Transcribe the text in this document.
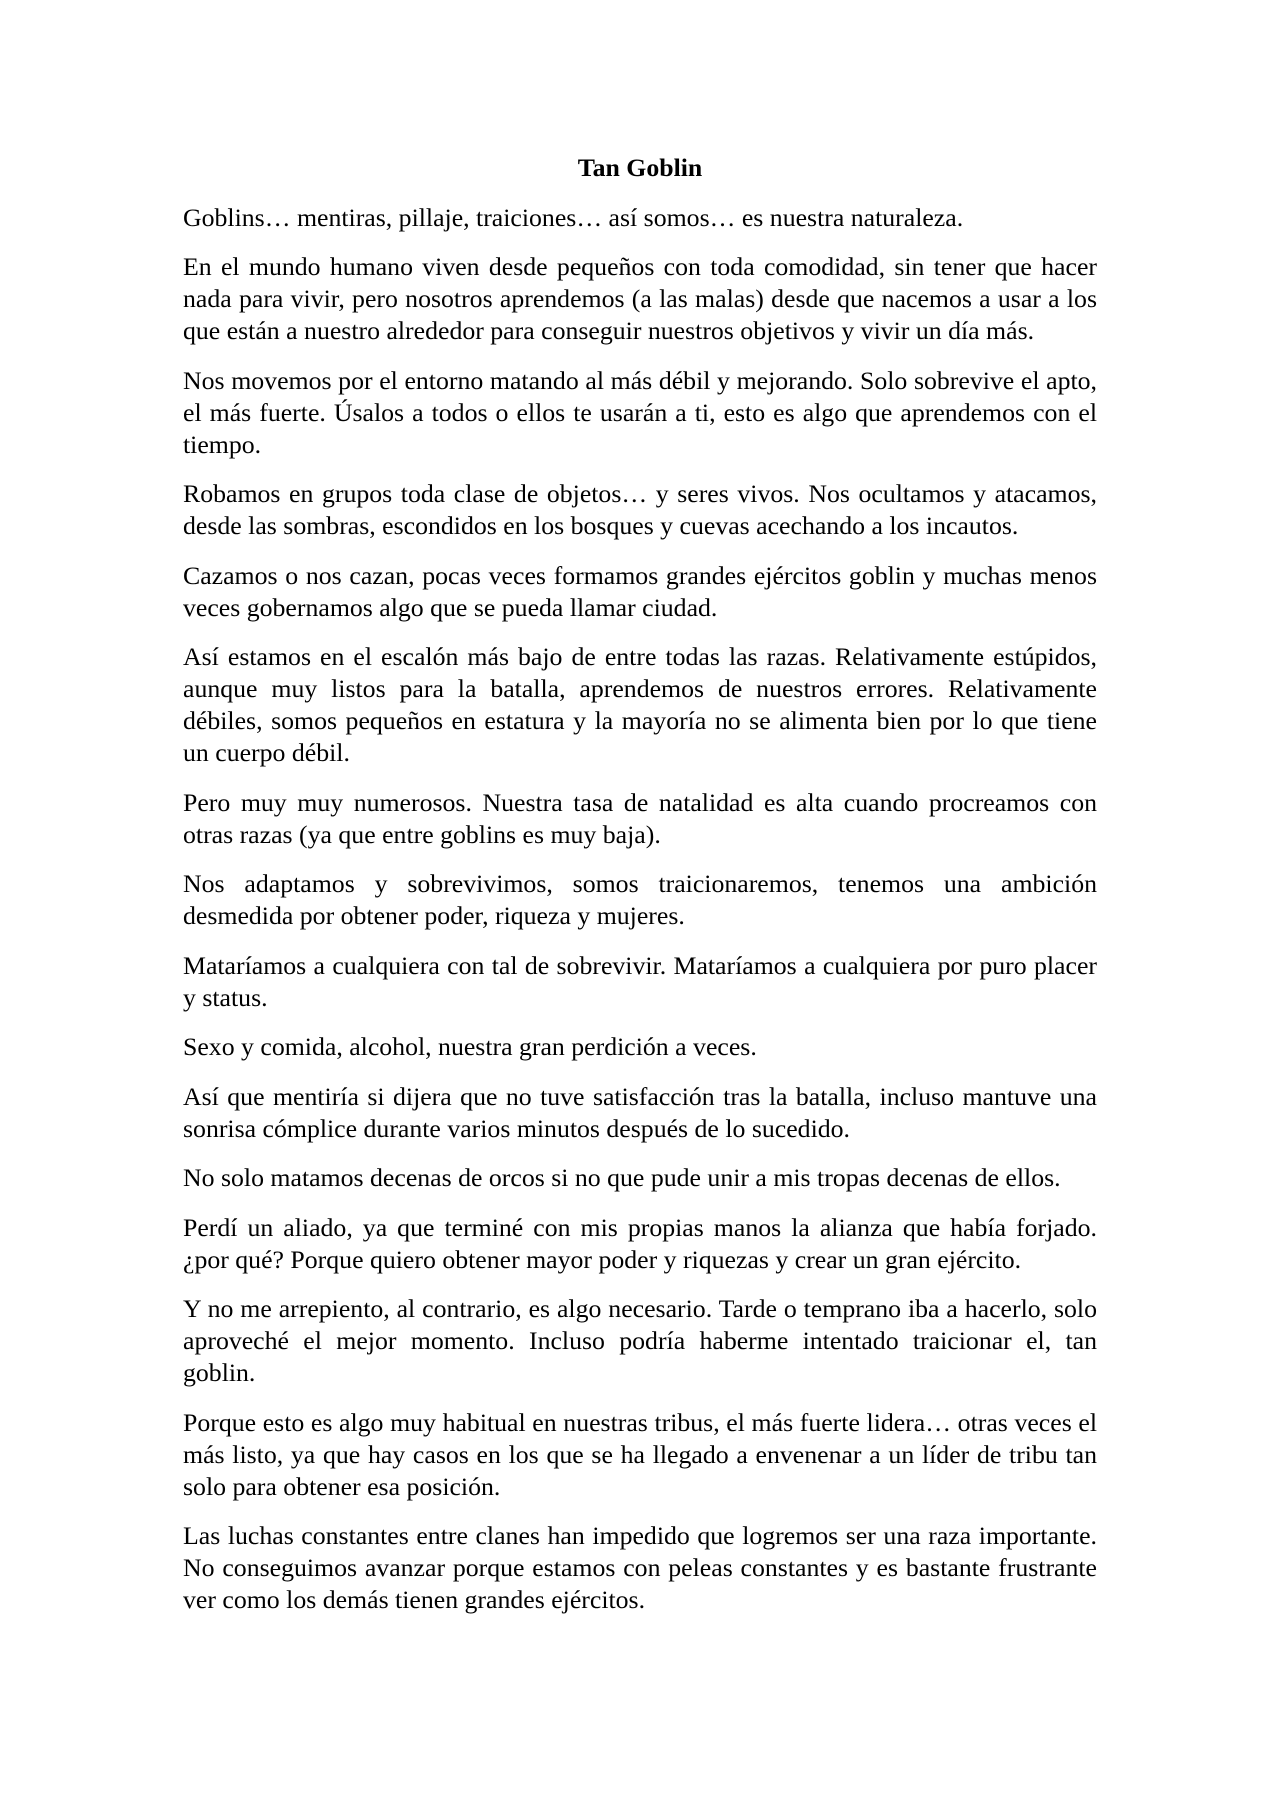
Tan Goblin

Goblins… mentiras, pillaje, traiciones… así somos… es nuestra naturaleza.

En el mundo humano viven desde pequeños con toda comodidad, sin tener que hacer nada para vivir, pero nosotros aprendemos (a las malas) desde que nacemos a usar a los que están a nuestro alrededor para conseguir nuestros objetivos y vivir un día más.

Nos movemos por el entorno matando al más débil y mejorando. Solo sobrevive el apto, el más fuerte. Úsalos a todos o ellos te usarán a ti, esto es algo que aprendemos con el tiempo.

Robamos en grupos toda clase de objetos… y seres vivos. Nos ocultamos y atacamos, desde las sombras, escondidos en los bosques y cuevas acechando a los incautos.

Cazamos o nos cazan, pocas veces formamos grandes ejércitos goblin y muchas menos veces gobernamos algo que se pueda llamar ciudad.

Así estamos en el escalón más bajo de entre todas las razas. Relativamente estúpidos, aunque muy listos para la batalla, aprendemos de nuestros errores. Relativamente débiles, somos pequeños en estatura y la mayoría no se alimenta bien por lo que tiene un cuerpo débil.

Pero muy muy numerosos. Nuestra tasa de natalidad es alta cuando procreamos con otras razas (ya que entre goblins es muy baja).

Nos adaptamos y sobrevivimos, somos traicionaremos, tenemos una ambición desmedida por obtener poder, riqueza y mujeres.

Mataríamos a cualquiera con tal de sobrevivir. Mataríamos a cualquiera por puro placer y status.

Sexo y comida, alcohol, nuestra gran perdición a veces.

Así que mentiría si dijera que no tuve satisfacción tras la batalla, incluso mantuve una sonrisa cómplice durante varios minutos después de lo sucedido.

No solo matamos decenas de orcos si no que pude unir a mis tropas decenas de ellos.

Perdí un aliado, ya que terminé con mis propias manos la alianza que había forjado. ¿por qué? Porque quiero obtener mayor poder y riquezas y crear un gran ejército.

Y no me arrepiento, al contrario, es algo necesario. Tarde o temprano iba a hacerlo, solo aproveché el mejor momento. Incluso podría haberme intentado traicionar el, tan goblin.

Porque esto es algo muy habitual en nuestras tribus, el más fuerte lidera… otras veces el más listo, ya que hay casos en los que se ha llegado a envenenar a un líder de tribu tan solo para obtener esa posición.

Las luchas constantes entre clanes han impedido que logremos ser una raza importante. No conseguimos avanzar porque estamos con peleas constantes y es bastante frustrante ver como los demás tienen grandes ejércitos.
